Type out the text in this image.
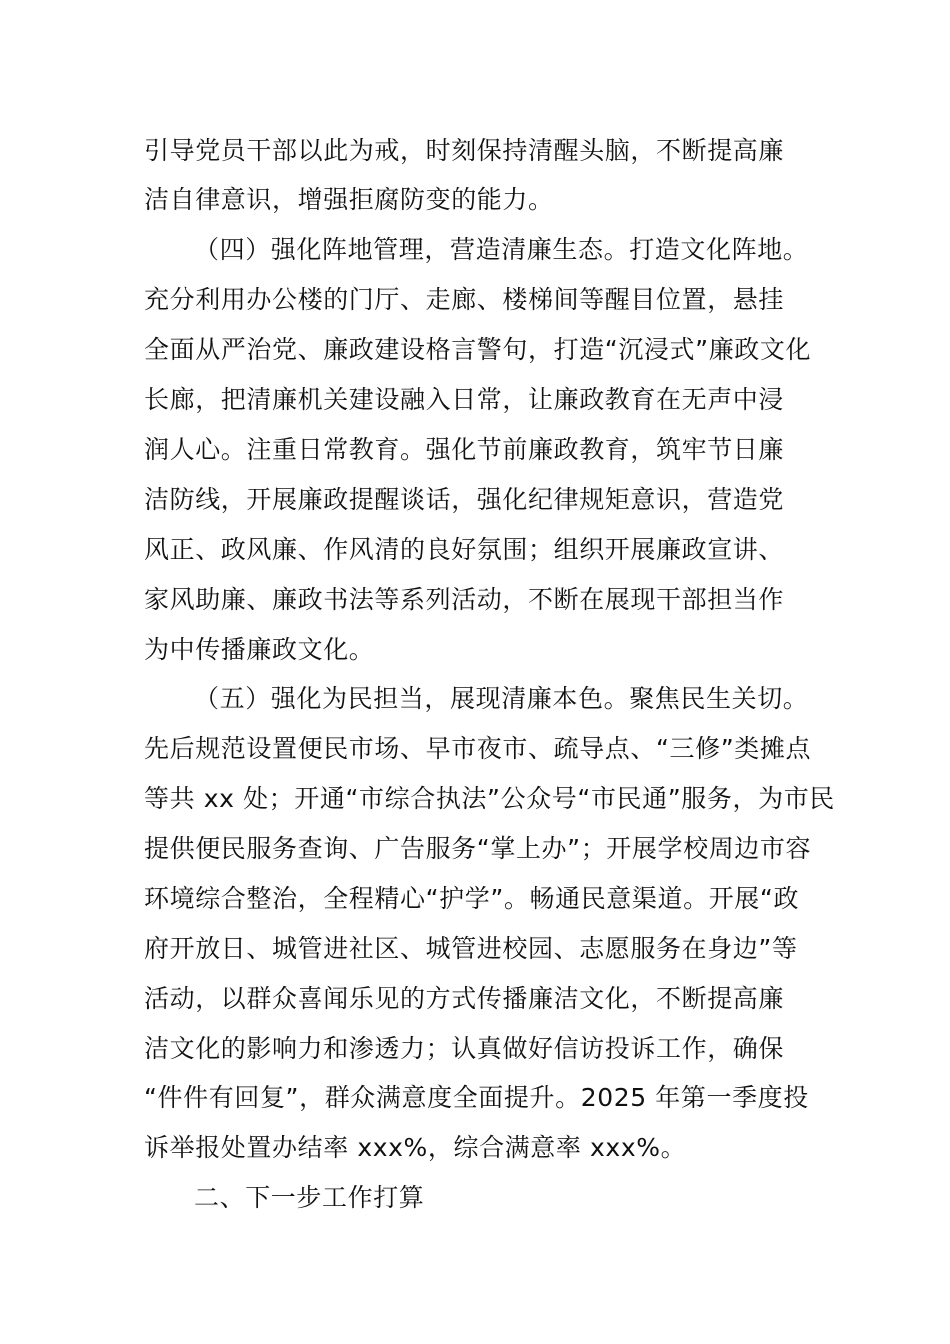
引导党员干部以此为戒，时刻保持清醒头脑，不断提高廉
洁自律意识，增强拒腐防变的能力。
（四）强化阵地管理，营造清廉生态。打造文化阵地。
充分利用办公楼的门厅、走廊、楼梯间等醒目位置，悬挂
全面从严治党、廉政建设格言警句，打造“沉浸式”廉政文化
长廊，把清廉机关建设融入日常，让廉政教育在无声中浸
润人心。注重日常教育。强化节前廉政教育，筑牢节日廉
洁防线，开展廉政提醒谈话，强化纪律规矩意识，营造党
风正、政风廉、作风清的良好氛围；组织开展廉政宣讲、
家风助廉、廉政书法等系列活动，不断在展现干部担当作
为中传播廉政文化。
（五）强化为民担当，展现清廉本色。聚焦民生关切。
先后规范设置便民市场、早市夜市、疏导点、“三修”类摊点
等共 xx 处；开通“市综合执法”公众号“市民通”服务，为市民
提供便民服务查询、广告服务“掌上办”；开展学校周边市容
环境综合整治，全程精心“护学”。畅通民意渠道。开展“政
府开放日、城管进社区、城管进校园、志愿服务在身边”等
活动，以群众喜闻乐见的方式传播廉洁文化，不断提高廉
洁文化的影响力和渗透力；认真做好信访投诉工作，确保
“件件有回复”，群众满意度全面提升。2025 年第一季度投
诉举报处置办结率 xxx%，综合满意率 xxx%。
二、下一步工作打算
